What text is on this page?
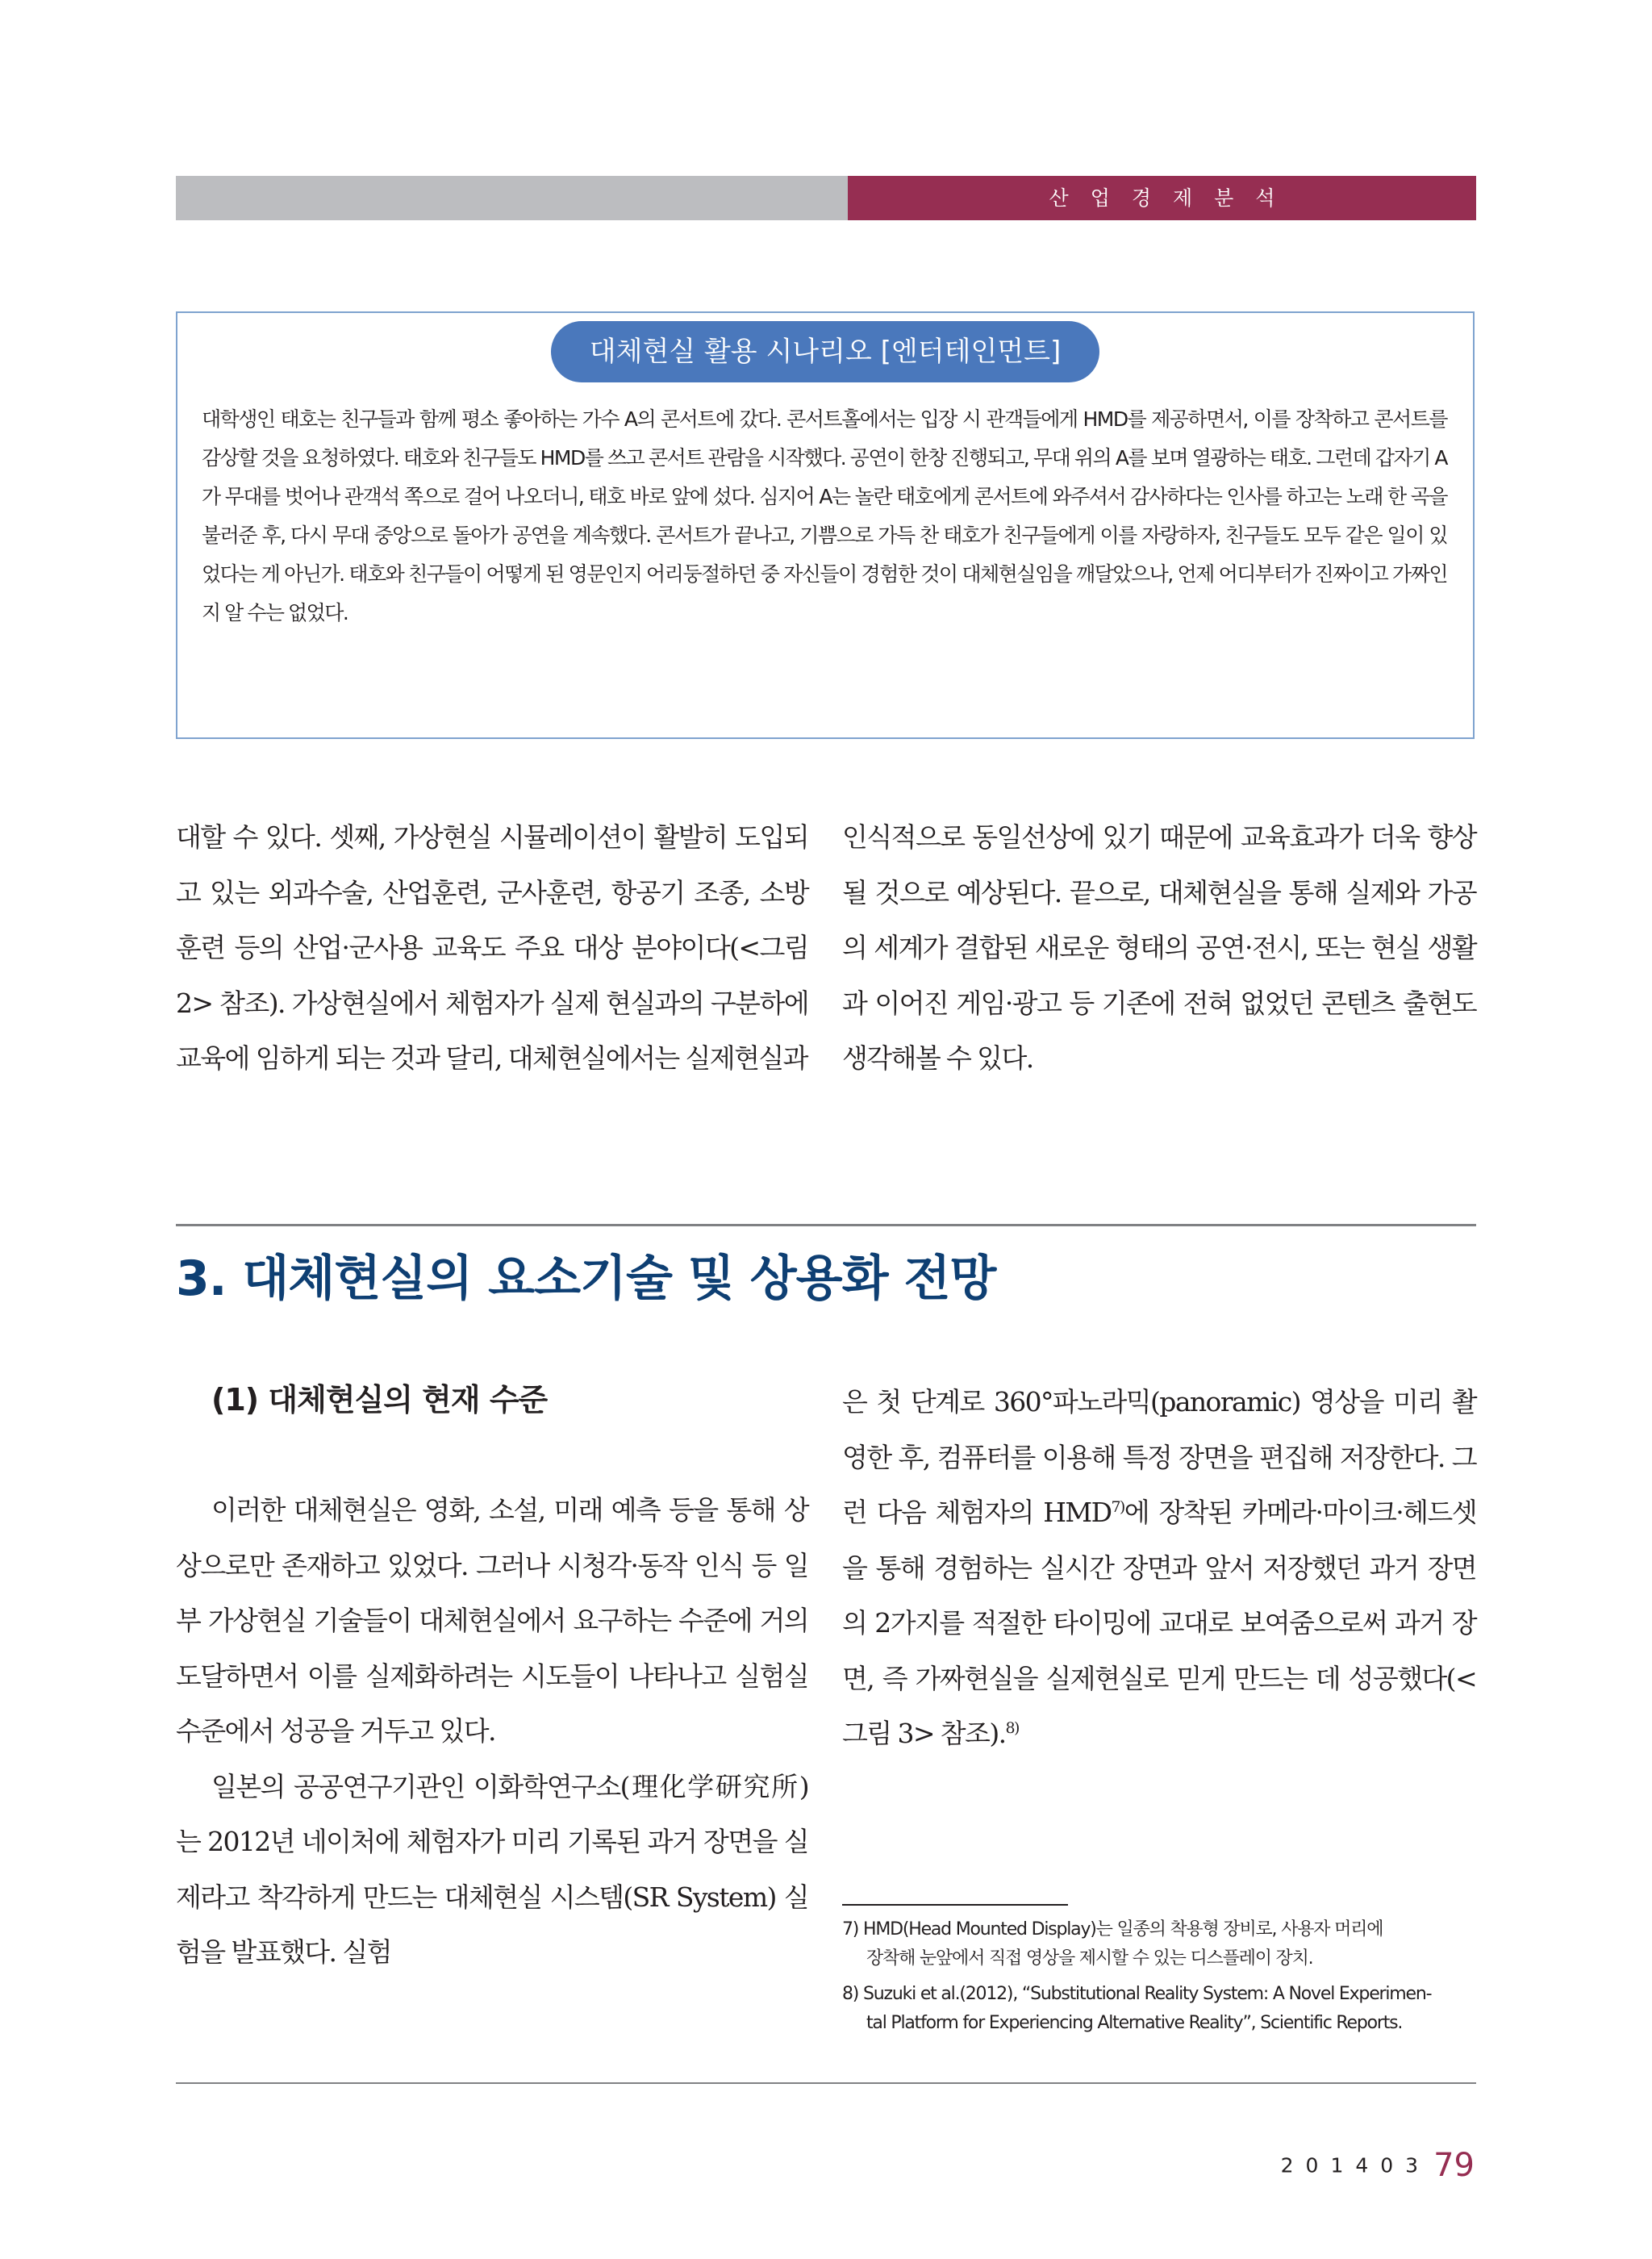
산업경제분석
대체현실 활용 시나리오 [엔터테인먼트]

대학생인 태호는 친구들과 함께 평소 좋아하는 가수 A의 콘서트에 갔다. 콘서트홀에서는 입장 시 관객들에게 HMD를 제공하면서, 이를 장착하고 콘서트를 감상할 것을 요청하였다. 태호와 친구들도 HMD를 쓰고 콘서트 관람을 시작했다. 공연이 한창 진행되고, 무대 위의 A를 보며 열광하는 태호. 그런데 갑자기 A가 무대를 벗어나 관객석 쪽으로 걸어 나오더니, 태호 바로 앞에 섰다. 심지어 A는 놀란 태호에게 콘서트에 와주셔서 감사하다는 인사를 하고는 노래 한 곡을 불러준 후, 다시 무대 중앙으로 돌아가 공연을 계속했다. 콘서트가 끝나고, 기쁨으로 가득 찬 태호가 친구들에게 이를 자랑하자, 친구들도 모두 같은 일이 있었다는 게 아닌가. 태호와 친구들이 어떻게 된 영문인지 어리둥절하던 중 자신들이 경험한 것이 대체현실임을 깨달았으나, 언제 어디부터가 진짜이고 가짜인지 알 수는 없었다.

대할 수 있다. 셋째, 가상현실 시뮬레이션이 활발히 도입되고 있는 외과수술, 산업훈련, 군사훈련, 항공기 조종, 소방훈련 등의 산업·군사용 교육도 주요 대상 분야이다(<그림 2> 참조). 가상현실에서 체험자가 실제 현실과의 구분하에 교육에 임하게 되는 것과 달리, 대체현실에서는 실제현실과

인식적으로 동일선상에 있기 때문에 교육효과가 더욱 향상될 것으로 예상된다. 끝으로, 대체현실을 통해 실제와 가공의 세계가 결합된 새로운 형태의 공연·전시, 또는 현실 생활과 이어진 게임·광고 등 기존에 전혀 없었던 콘텐츠 출현도 생각해볼 수 있다.

3. 대체현실의 요소기술 및 상용화 전망
(1) 대체현실의 현재 수준

이러한 대체현실은 영화, 소설, 미래 예측 등을 통해 상상으로만 존재하고 있었다. 그러나 시청각·동작 인식 등 일부 가상현실 기술들이 대체현실에서 요구하는 수준에 거의 도달하면서 이를 실제화하려는 시도들이 나타나고 실험실 수준에서 성공을 거두고 있다.

일본의 공공연구기관인 이화학연구소(理化学研究所)는 2012년 네이처에 체험자가 미리 기록된 과거 장면을 실제라고 착각하게 만드는 대체현실 시스템(SR System) 실험을 발표했다. 실험

은 첫 단계로 360°파노라믹(panoramic) 영상을 미리 촬영한 후, 컴퓨터를 이용해 특정 장면을 편집해 저장한다. 그런 다음 체험자의 HMD$^{7)}$에 장착된 카메라·마이크·헤드셋을 통해 경험하는 실시간 장면과 앞서 저장했던 과거 장면의 2가지를 적절한 타이밍에 교대로 보여줌으로써 과거 장면, 즉 가짜현실을 실제현실로 믿게 만드는 데 성공했다(<그림 3> 참조).$^{8)}$

7) HMD(Head Mounted Display)는 일종의 착용형 장비로, 사용자 머리에

장착해 눈앞에서 직접 영상을 제시할 수 있는 디스플레이 장치.

8) Suzuki et al.(2012), “Substitutional Reality System: A Novel Experimen-

tal Platform for Experiencing Alternative Reality”, Scientific Reports.

201403 79
